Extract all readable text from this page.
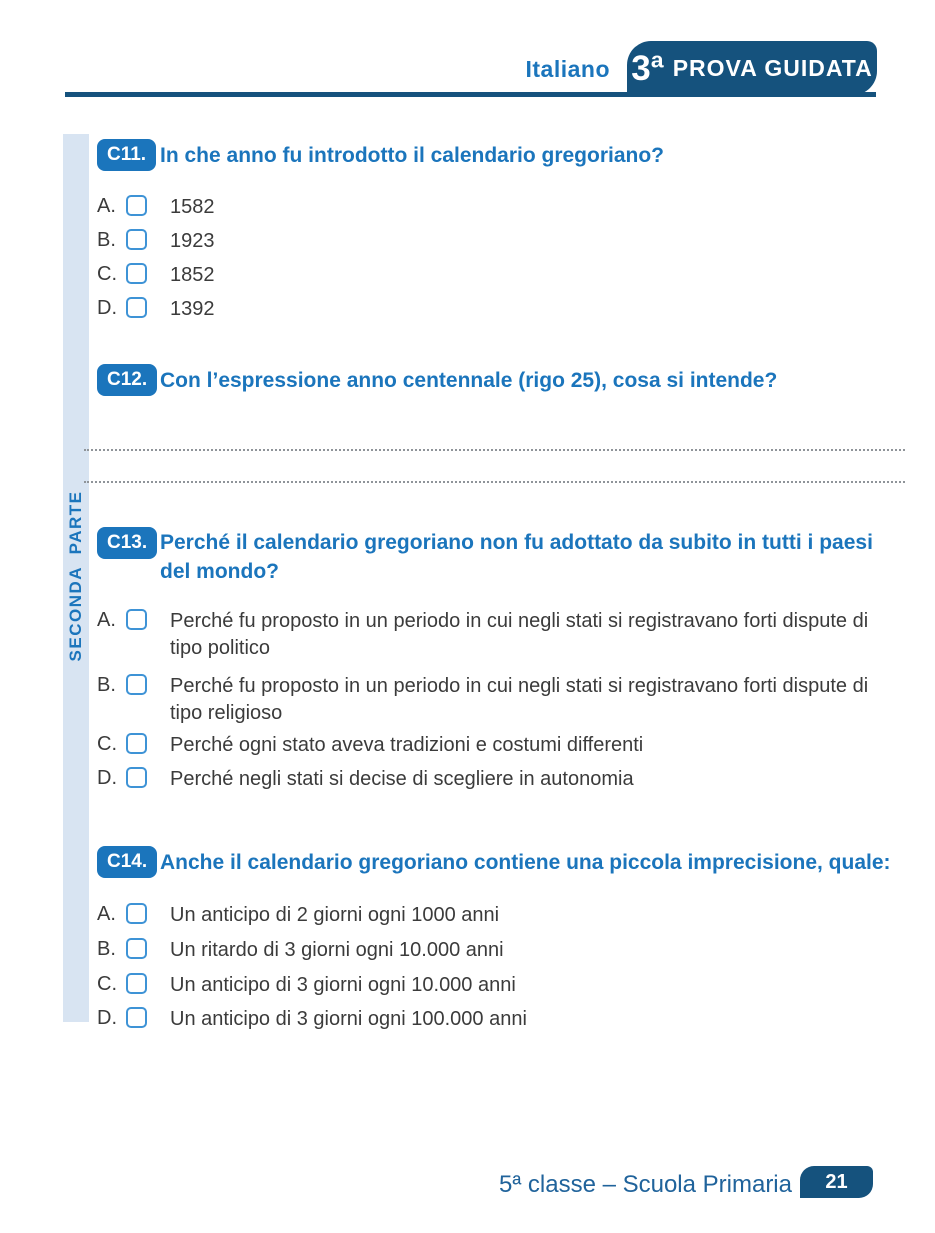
Italiano 3ª PROVA GUIDATA
SECONDA PARTE
C11. In che anno fu introdotto il calendario gregoriano?
A.	1582
B.	1923
C.	1852
D.	1392
C12. Con l’espressione anno centennale (rigo 25), cosa si intende?
C13. Perché il calendario gregoriano non fu adottato da subito in tutti i paesi del mondo?
A.	Perché fu proposto in un periodo in cui negli stati si registravano forti dispute di tipo politico
B.	Perché fu proposto in un periodo in cui negli stati si registravano forti dispute di tipo religioso
C.	Perché ogni stato aveva tradizioni e costumi differenti
D.	Perché negli stati si decise di scegliere in autonomia
C14. Anche il calendario gregoriano contiene una piccola imprecisione, quale:
A.	Un anticipo di 2 giorni ogni 1000 anni
B.	Un ritardo di 3 giorni ogni 10.000 anni
C.	Un anticipo di 3 giorni ogni 10.000 anni
D.	Un anticipo di 3 giorni ogni 100.000 anni
5ª classe – Scuola Primaria	21
